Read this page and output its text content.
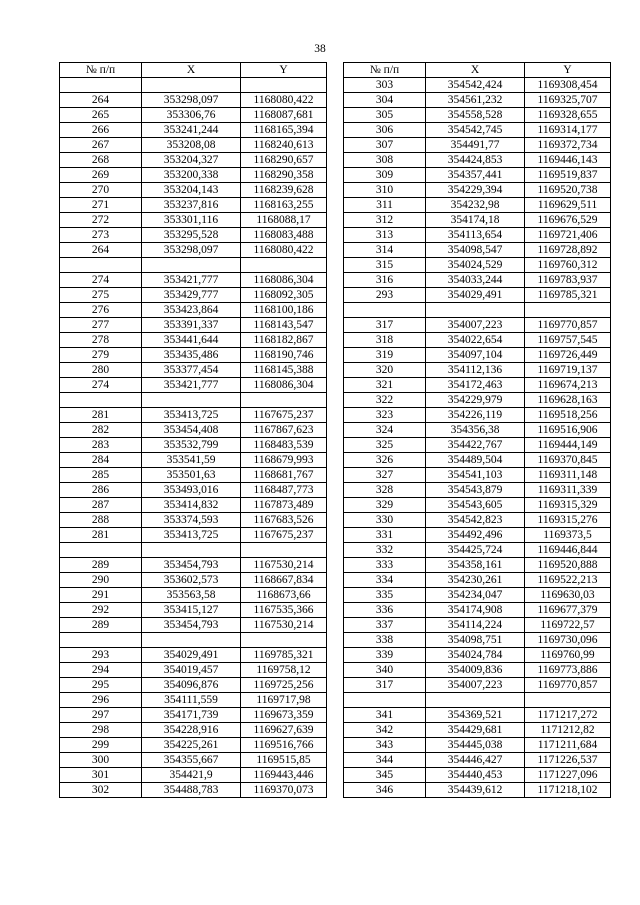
38
№ п/п	X	Y

264	353298,097	1168080,422
265	353306,76	1168087,681
266	353241,244	1168165,394
267	353208,08	1168240,613
268	353204,327	1168290,657
269	353200,338	1168290,358
270	353204,143	1168239,628
271	353237,816	1168163,255
272	353301,116	1168088,17
273	353295,528	1168083,488
264	353298,097	1168080,422

274	353421,777	1168086,304
275	353429,777	1168092,305
276	353423,864	1168100,186
277	353391,337	1168143,547
278	353441,644	1168182,867
279	353435,486	1168190,746
280	353377,454	1168145,388
274	353421,777	1168086,304

281	353413,725	1167675,237
282	353454,408	1167867,623
283	353532,799	1168483,539
284	353541,59	1168679,993
285	353501,63	1168681,767
286	353493,016	1168487,773
287	353414,832	1167873,489
288	353374,593	1167683,526
281	353413,725	1167675,237

289	353454,793	1167530,214
290	353602,573	1168667,834
291	353563,58	1168673,66
292	353415,127	1167535,366
289	353454,793	1167530,214

293	354029,491	1169785,321
294	354019,457	1169758,12
295	354096,876	1169725,256
296	354111,559	1169717,98
297	354171,739	1169673,359
298	354228,916	1169627,639
299	354225,261	1169516,766
300	354355,667	1169515,85
301	354421,9	1169443,446
302	354488,783	1169370,073
№ п/п	X	Y
303	354542,424	1169308,454
304	354561,232	1169325,707
305	354558,528	1169328,655
306	354542,745	1169314,177
307	354491,77	1169372,734
308	354424,853	1169446,143
309	354357,441	1169519,837
310	354229,394	1169520,738
311	354232,98	1169629,511
312	354174,18	1169676,529
313	354113,654	1169721,406
314	354098,547	1169728,892
315	354024,529	1169760,312
316	354033,244	1169783,937
293	354029,491	1169785,321

317	354007,223	1169770,857
318	354022,654	1169757,545
319	354097,104	1169726,449
320	354112,136	1169719,137
321	354172,463	1169674,213
322	354229,979	1169628,163
323	354226,119	1169518,256
324	354356,38	1169516,906
325	354422,767	1169444,149
326	354489,504	1169370,845
327	354541,103	1169311,148
328	354543,879	1169311,339
329	354543,605	1169315,329
330	354542,823	1169315,276
331	354492,496	1169373,5
332	354425,724	1169446,844
333	354358,161	1169520,888
334	354230,261	1169522,213
335	354234,047	1169630,03
336	354174,908	1169677,379
337	354114,224	1169722,57
338	354098,751	1169730,096
339	354024,784	1169760,99
340	354009,836	1169773,886
317	354007,223	1169770,857

341	354369,521	1171217,272
342	354429,681	1171212,82
343	354445,038	1171211,684
344	354446,427	1171226,537
345	354440,453	1171227,096
346	354439,612	1171218,102
